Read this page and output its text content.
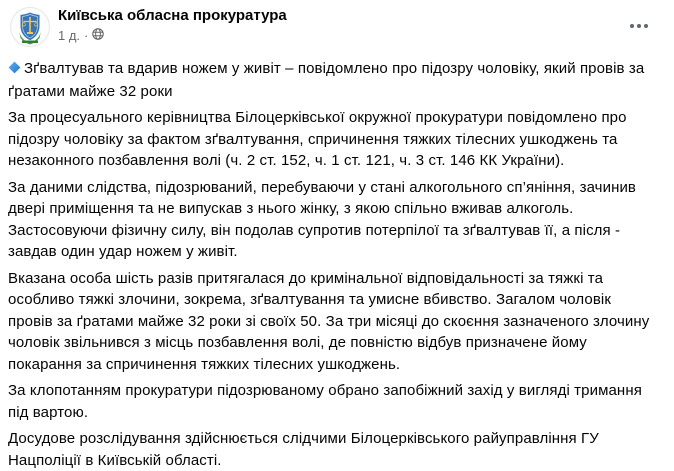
Київська обласна прокуратура
1 д. ·

Зґвалтував та вдарив ножем у живіт – повідомлено про підозру чоловіку, який провів за ґратами майже 32 роки

За процесуального керівництва Білоцерківської окружної прокуратури повідомлено про підозру чоловіку за фактом зґвалтування, спричинення тяжких тілесних ушкоджень та незаконного позбавлення волі (ч. 2 ст. 152, ч. 1 ст. 121, ч. 3 ст. 146 КК України).

За даними слідства, підозрюваний, перебуваючи у стані алкогольного сп’яніння, зачинив двері приміщення та не випускав з нього жінку, з якою спільно вживав алкоголь. Застосовуючи фізичну силу, він подолав супротив потерпілої та зґвалтував її, а після - завдав один удар ножем у живіт.

Вказана особа шість разів притягалася до кримінальної відповідальності за тяжкі та особливо тяжкі злочини, зокрема, зґвалтування та умисне вбивство. Загалом чоловік провів за ґратами майже 32 роки зі своїх 50. За три місяці до скоєння зазначеного злочину чоловік звільнився з місць позбавлення волі, де повністю відбув призначене йому покарання за спричинення тяжких тілесних ушкоджень.

За клопотанням прокуратури підозрюваному обрано запобіжний захід у вигляді тримання під вартою.

Досудове розслідування здійснюється слідчими Білоцерківського райуправління ГУ Нацполіції в Київській області.
